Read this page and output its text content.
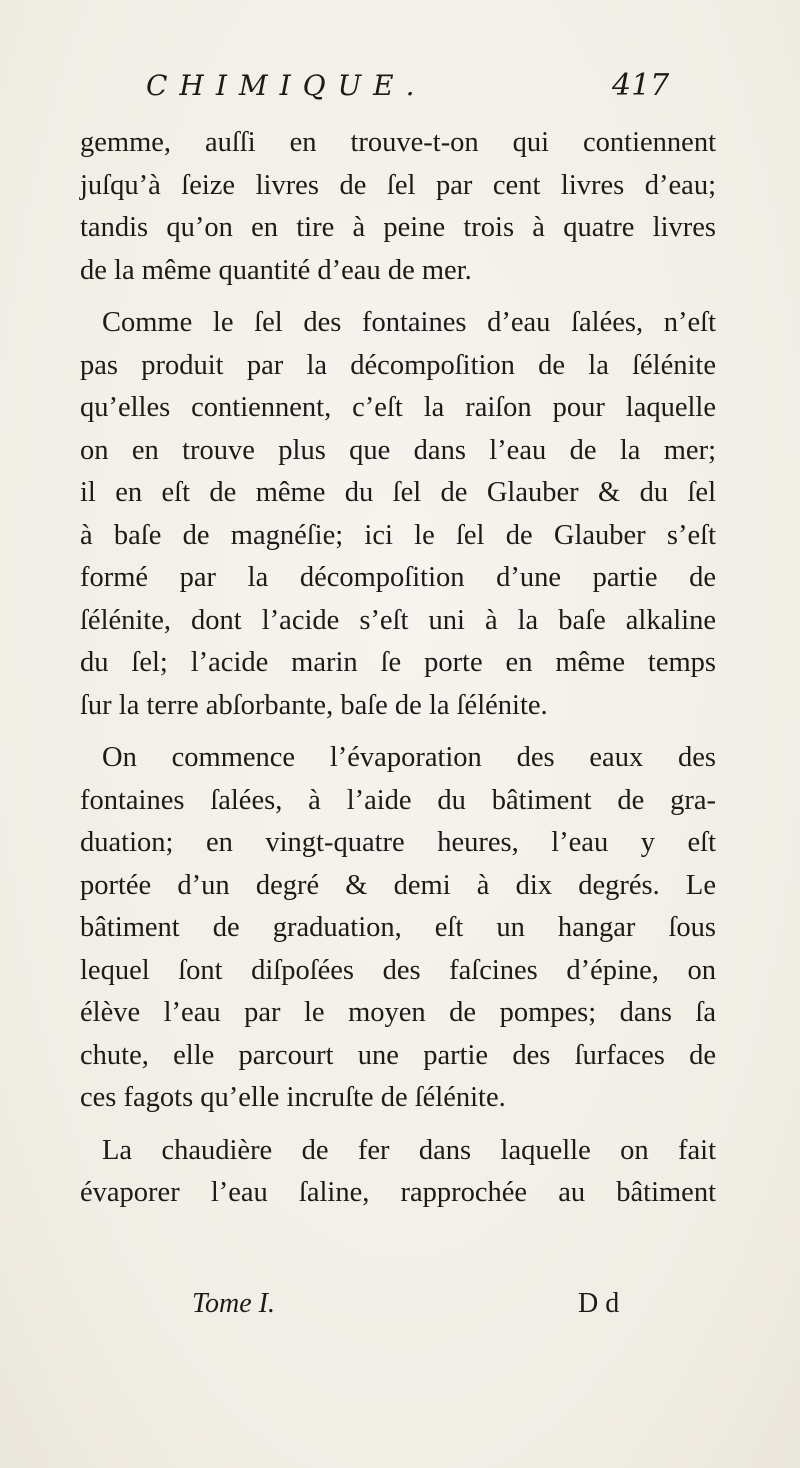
CHIMIQUE.	417
gemme, auſſi en trouve-t-on qui contiennent
juſqu’à ſeize livres de ſel par cent livres d’eau;
tandis qu’on en tire à peine trois à quatre livres
de la même quantité d’eau de mer.
Comme le ſel des fontaines d’eau ſalées, n’eſt
pas produit par la décompoſition de la ſélénite
qu’elles contiennent, c’eſt la raiſon pour laquelle
on en trouve plus que dans l’eau de la mer;
il en eſt de même du ſel de Glauber & du ſel
à baſe de magnéſie; ici le ſel de Glauber s’eſt
formé par la décompoſition d’une partie de
ſélénite, dont l’acide s’eſt uni à la baſe alkaline
du ſel; l’acide marin ſe porte en même temps
ſur la terre abſorbante, baſe de la ſélénite.
On commence l’évaporation des eaux des
fontaines ſalées, à l’aide du bâtiment de gra-
duation; en vingt-quatre heures, l’eau y eſt
portée d’un degré & demi à dix degrés. Le
bâtiment de graduation, eſt un hangar ſous
lequel ſont diſpoſées des faſcines d’épine, on
élève l’eau par le moyen de pompes; dans ſa
chute, elle parcourt une partie des ſurfaces de
ces fagots qu’elle incruſte de ſélénite.
La chaudière de fer dans laquelle on fait
évaporer l’eau ſaline, rapprochée au bâtiment
Tome I.	D d
